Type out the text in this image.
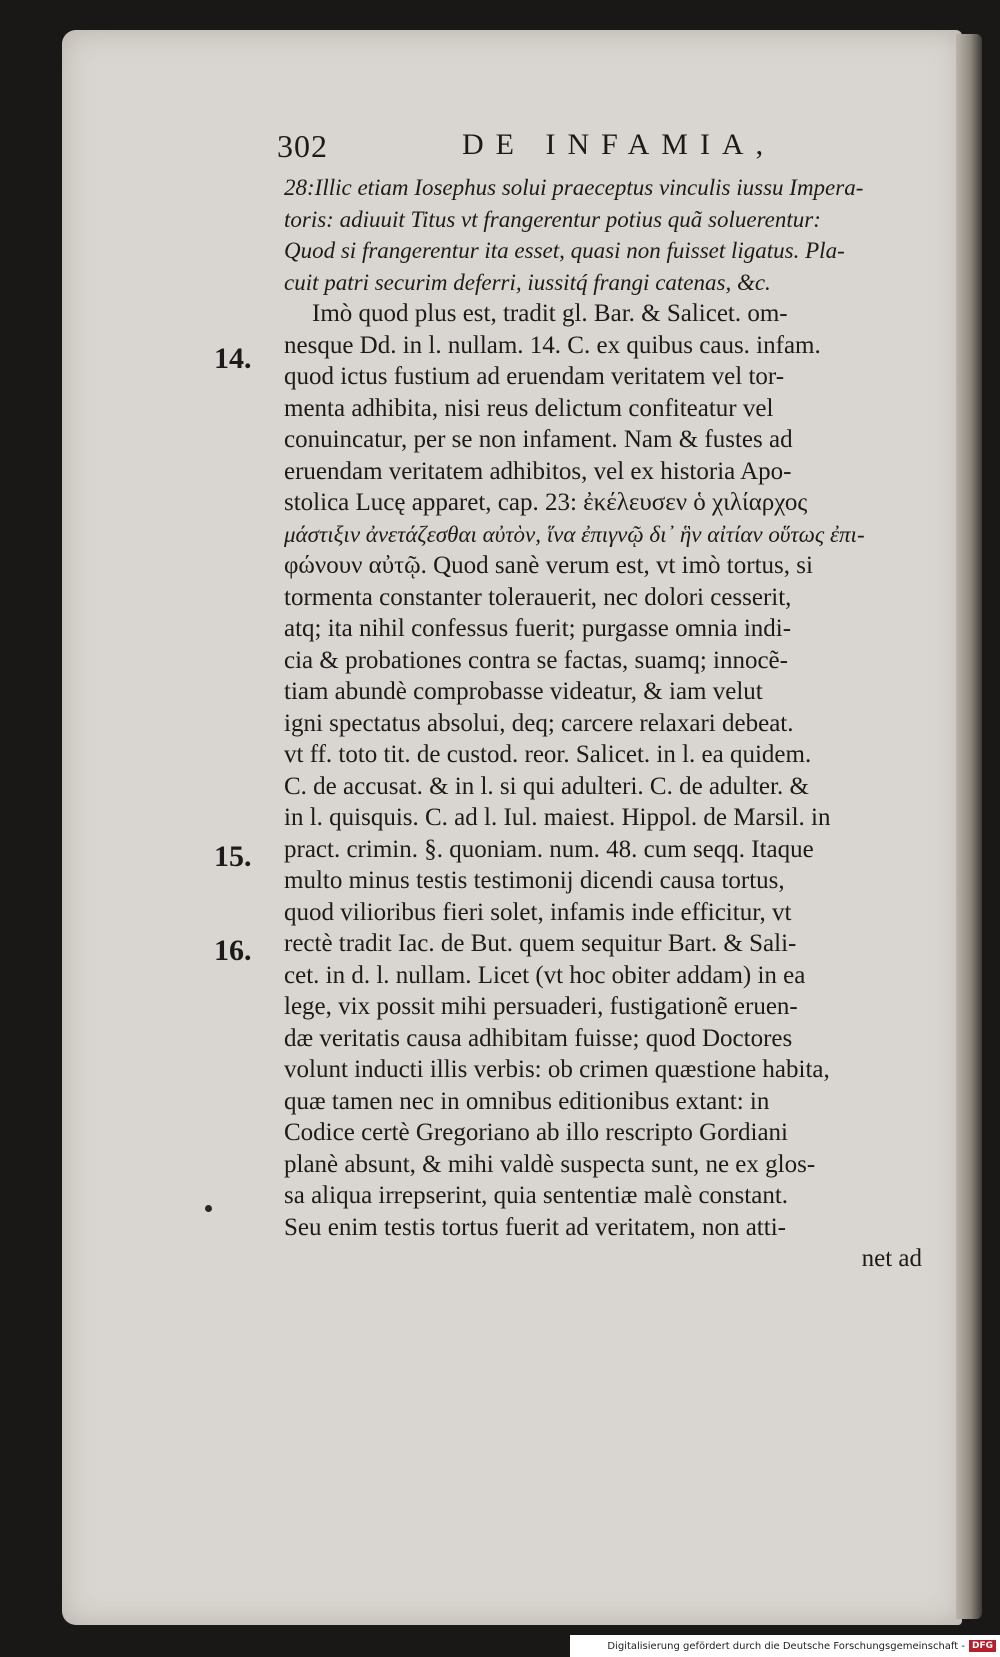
302	DE INFAMIA,
28:Illic etiam Iosephus solui praeceptus vinculis iussu Impera-
toris: adiuuit Titus vt frangerentur potius quã soluerentur:
Quod si frangerentur ita esset, quasi non fuisset ligatus. Pla-
cuit patri securim deferri, iussitq́ frangi catenas, &c.
Imò quod plus est, tradit gl. Bar. & Salicet. om-
nesque Dd. in l. nullam. 14. C. ex quibus caus. infam.
quod ictus fustium ad eruendam veritatem vel tor-
menta adhibita, nisi reus delictum confiteatur vel
conuincatur, per se non infament. Nam & fustes ad
eruendam veritatem adhibitos, vel ex historia Apo-
stolica Lucę apparet, cap. 23: ἐκέλευσεν ὁ χιλίαρχος
μάστιξιν ἀνετάζεσθαι αὐτὸν, ἵνα ἐπιγνῷ δι᾽ ἣν αἰτίαν οὕτως ἐπι-
φώνουν αὐτῷ. Quod sanè verum est, vt imò tortus, si
tormenta constanter tolerauerit, nec dolori cesserit,
atq; ita nihil confessus fuerit; purgasse omnia indi-
cia & probationes contra se factas, suamq; innocẽ-
tiam abundè comprobasse videatur, & iam velut
igni spectatus absolui, deq; carcere relaxari debeat.
vt ff. toto tit. de custod. reor. Salicet. in l. ea quidem.
C. de accusat. & in l. si qui adulteri. C. de adulter. &
in l. quisquis. C. ad l. Iul. maiest. Hippol. de Marsil. in
pract. crimin. §. quoniam. num. 48. cum seqq. Itaque
multo minus testis testimonij dicendi causa tortus,
quod vilioribus fieri solet, infamis inde efficitur, vt
rectè tradit Iac. de But. quem sequitur Bart. & Sali-
cet. in d. l. nullam. Licet (vt hoc obiter addam) in ea
lege, vix possit mihi persuaderi, fustigationẽ eruen-
dæ veritatis causa adhibitam fuisse; quod Doctores
volunt inducti illis verbis: ob crimen quæstione habita,
quæ tamen nec in omnibus editionibus extant: in
Codice certè Gregoriano ab illo rescripto Gordiani
planè absunt, & mihi valdè suspecta sunt, ne ex glos-
sa aliqua irrepserint, quia sententiæ malè constant.
Seu enim testis tortus fuerit ad veritatem, non atti-
net ad
14.
15.
16.
Digitalisierung gefördert durch die Deutsche Forschungsgemeinschaft - DFG
